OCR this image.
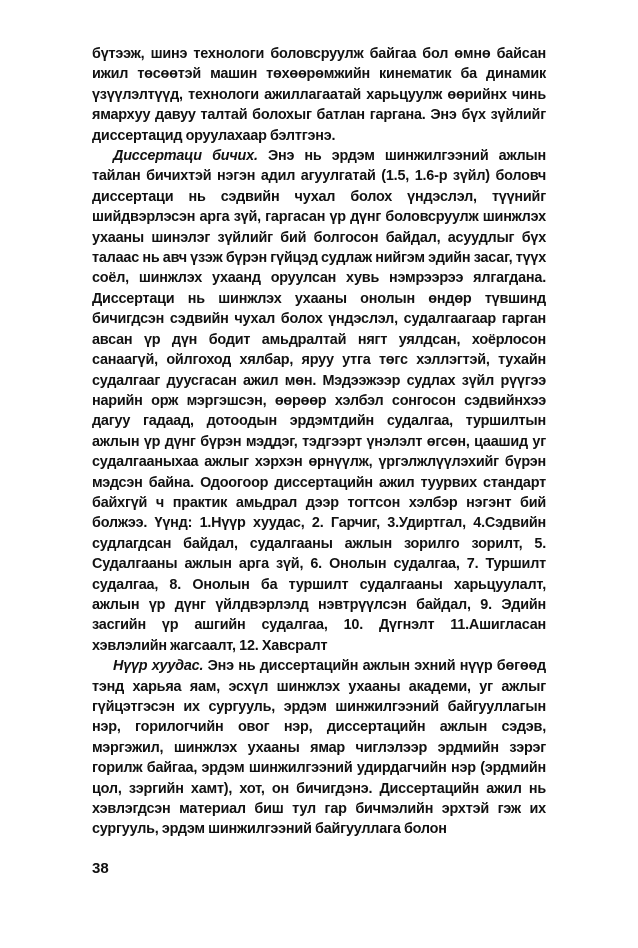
бүтээж, шинэ технологи боловсруулж байгаа бол өмнө байсан ижил төсөөтэй машин төхөөрөмжийн кинематик ба динамик үзүүлэлтүүд, технологи ажиллагаатай харьцуулж өөрийнх чинь ямархуу давуу талтай болохыг батлан гаргана. Энэ бүх зүйлийг диссертацид оруулахаар бэлтгэнэ.

Диссертаци бичих. Энэ нь эрдэм шинжилгээний ажлын тайлан бичихтэй нэгэн адил агуулгатай (1.5, 1.6-р зүйл) боловч диссертаци нь сэдвийн чухал болох үндэслэл, түүнийг шийдвэрлэсэн арга зүй, гаргасан үр дүнг боловсруулж шинжлэх ухааны шинэлэг зүйлийг бий болгосон байдал, асуудлыг бүх талаас нь авч үзэж бүрэн гүйцэд судлаж нийгэм эдийн засаг, түүх соёл, шинжлэх ухаанд оруулсан хувь нэмрээрээ ялгагдана. Диссертаци нь шинжлэх ухааны онолын өндөр түвшинд бичигдсэн сэдвийн чухал болох үндэслэл, судалгаагаар гарган авсан үр дүн бодит амьдралтай нягт уялдсан, хоёрлосон санаагүй, ойлгоход хялбар, яруу утга төгс хэллэгтэй, тухайн судалгааг дуусгасан ажил мөн. Мэдээжээр судлах зүйл рүүгээ нарийн орж мэргэшсэн, өөрөөр хэлбэл сонгосон сэдвийнхээ дагуу гадаад, дотоодын эрдэмтдийн судалгаа, туршилтын ажлын үр дүнг бүрэн мэддэг, тэдгээрт үнэлэлт өгсөн, цаашид уг судалгааныхаа ажлыг хэрхэн өрнүүлж, үргэлжлүүлэхийг бүрэн мэдсэн байна. Одоогоор диссертацийн ажил туурвих стандарт байхгүй ч практик амьдрал дээр тогтсон хэлбэр нэгэнт бий болжээ. Үүнд: 1.Нүүр хуудас, 2. Гарчиг, 3.Удиртгал, 4.Сэдвийн судлагдсан байдал, судалгааны ажлын зорилго зорилт, 5. Судалгааны ажлын арга зүй, 6. Онолын судалгаа, 7. Туршилт судалгаа, 8. Онолын ба туршилт судалгааны харьцуулалт, ажлын үр дүнг үйлдвэрлэлд нэвтрүүлсэн байдал, 9. Эдийн засгийн үр ашгийн судалгаа, 10. Дүгнэлт 11.Ашигласан хэвлэлийн жагсаалт, 12. Хавсралт

Нүүр хуудас. Энэ нь диссертацийн ажлын эхний нүүр бөгөөд тэнд харьяа яам, эсхүл шинжлэх ухааны академи, уг ажлыг гүйцэтгэсэн их сургууль, эрдэм шинжилгээний байгууллагын нэр, горилогчийн овог нэр, диссертацийн ажлын сэдэв, мэргэжил, шинжлэх ухааны ямар чиглэлээр эрдмийн зэрэг горилж байгаа, эрдэм шинжилгээний удирдагчийн нэр (эрдмийн цол, зэргийн хамт), хот, он бичигдэнэ. Диссертацийн ажил нь хэвлэгдсэн материал биш тул гар бичмэлийн эрхтэй гэж их сургууль, эрдэм шинжилгээний байгууллага болон

38
